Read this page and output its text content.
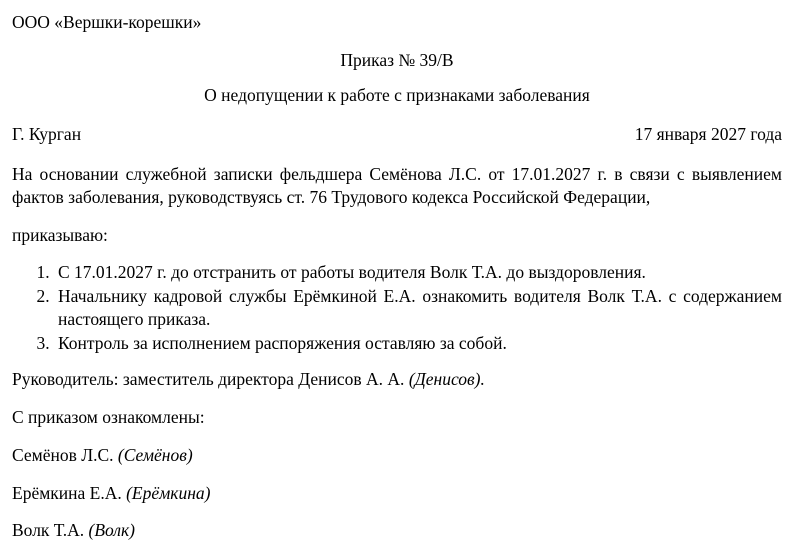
ООО «Вершки-корешки»
Приказ № 39/В
О недопущении к работе с признаками заболевания
Г. Курган	17 января 2027 года
На основании служебной записки фельдшера Семёнова Л.С. от 17.01.2027 г. в связи с выявлением фактов заболевания, руководствуясь ст. 76 Трудового кодекса Российской Федерации,
приказываю:
1. С 17.01.2027 г. до отстранить от работы водителя Волк Т.А. до выздоровления.
2. Начальнику кадровой службы Ерёмкиной Е.А. ознакомить водителя Волк Т.А. с содержанием настоящего приказа.
3. Контроль за исполнением распоряжения оставляю за собой.
Руководитель: заместитель директора Денисов А. А. (Денисов).
С приказом ознакомлены:
Семёнов Л.С. (Семёнов)
Ерёмкина Е.А. (Ерёмкина)
Волк Т.А. (Волк)
